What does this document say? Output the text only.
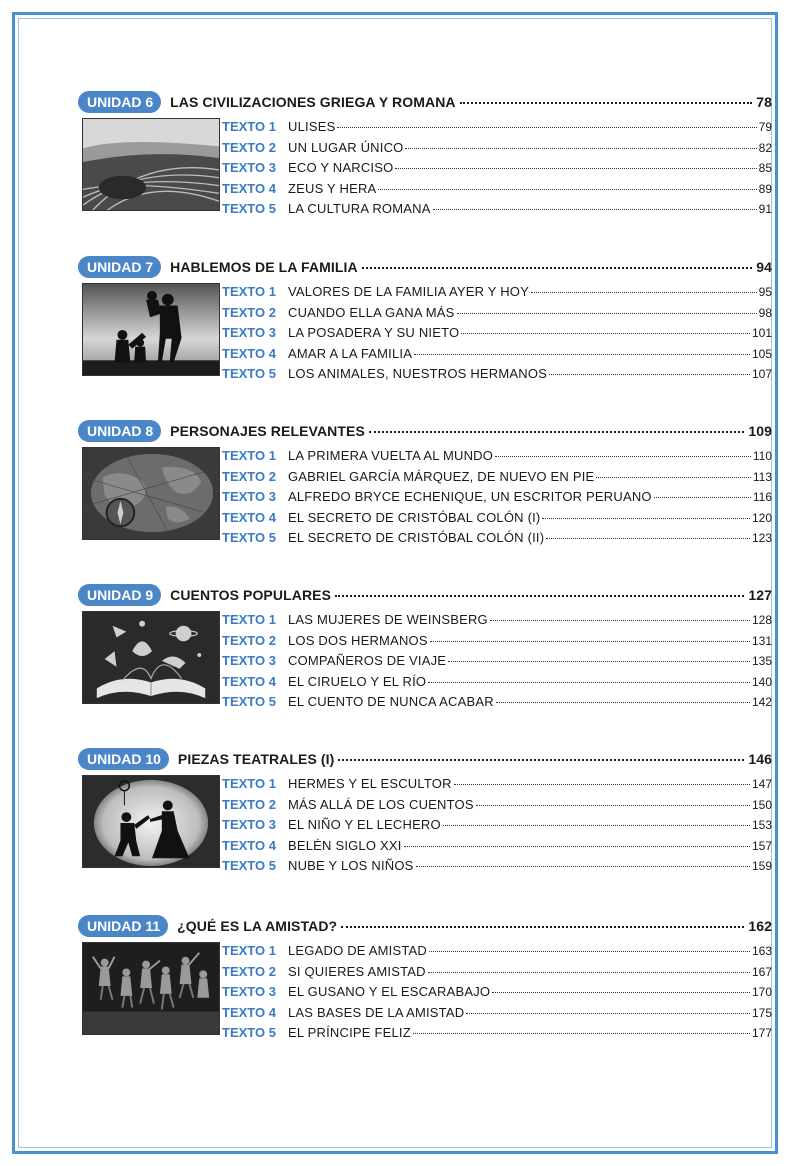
UNIDAD 6	LAS CIVILIZACIONES GRIEGA Y ROMANA	78
TEXTO 1 ULISES	79
TEXTO 2 UN LUGAR ÚNICO	82
TEXTO 3 ECO Y NARCISO	85
TEXTO 4 ZEUS Y HERA	89
TEXTO 5 LA CULTURA ROMANA	91
UNIDAD 7	HABLEMOS DE LA FAMILIA	94
TEXTO 1 VALORES DE LA FAMILIA AYER Y HOY	95
TEXTO 2 CUANDO ELLA GANA MÁS	98
TEXTO 3 LA POSADERA Y SU NIETO	101
TEXTO 4 AMAR A LA FAMILIA	105
TEXTO 5 LOS ANIMALES, NUESTROS HERMANOS	107
UNIDAD 8	PERSONAJES RELEVANTES	109
TEXTO 1 LA PRIMERA VUELTA AL MUNDO	110
TEXTO 2 GABRIEL GARCÍA MÁRQUEZ, DE NUEVO EN PIE	113
TEXTO 3 ALFREDO BRYCE ECHENIQUE, UN ESCRITOR PERUANO	116
TEXTO 4 EL SECRETO DE CRISTÓBAL COLÓN (I)	120
TEXTO 5 EL SECRETO DE CRISTÓBAL COLÓN (II)	123
UNIDAD 9	CUENTOS POPULARES	127
TEXTO 1 LAS MUJERES DE WEINSBERG	128
TEXTO 2 LOS DOS HERMANOS	131
TEXTO 3 COMPAÑEROS DE VIAJE	135
TEXTO 4 EL CIRUELO Y EL RÍO	140
TEXTO 5 EL CUENTO DE NUNCA ACABAR	142
UNIDAD 10	PIEZAS TEATRALES (I)	146
TEXTO 1 HERMES Y EL ESCULTOR	147
TEXTO 2 MÁS ALLÁ DE LOS CUENTOS	150
TEXTO 3 EL NIÑO Y EL LECHERO	153
TEXTO 4 BELÉN SIGLO XXI	157
TEXTO 5 NUBE Y LOS NIÑOS	159
UNIDAD 11	¿QUÉ ES LA AMISTAD?	162
TEXTO 1 LEGADO DE AMISTAD	163
TEXTO 2 SI QUIERES AMISTAD	167
TEXTO 3 EL GUSANO Y EL ESCARABAJO	170
TEXTO 4 LAS BASES DE LA AMISTAD	175
TEXTO 5 EL PRÍNCIPE FELIZ	177
